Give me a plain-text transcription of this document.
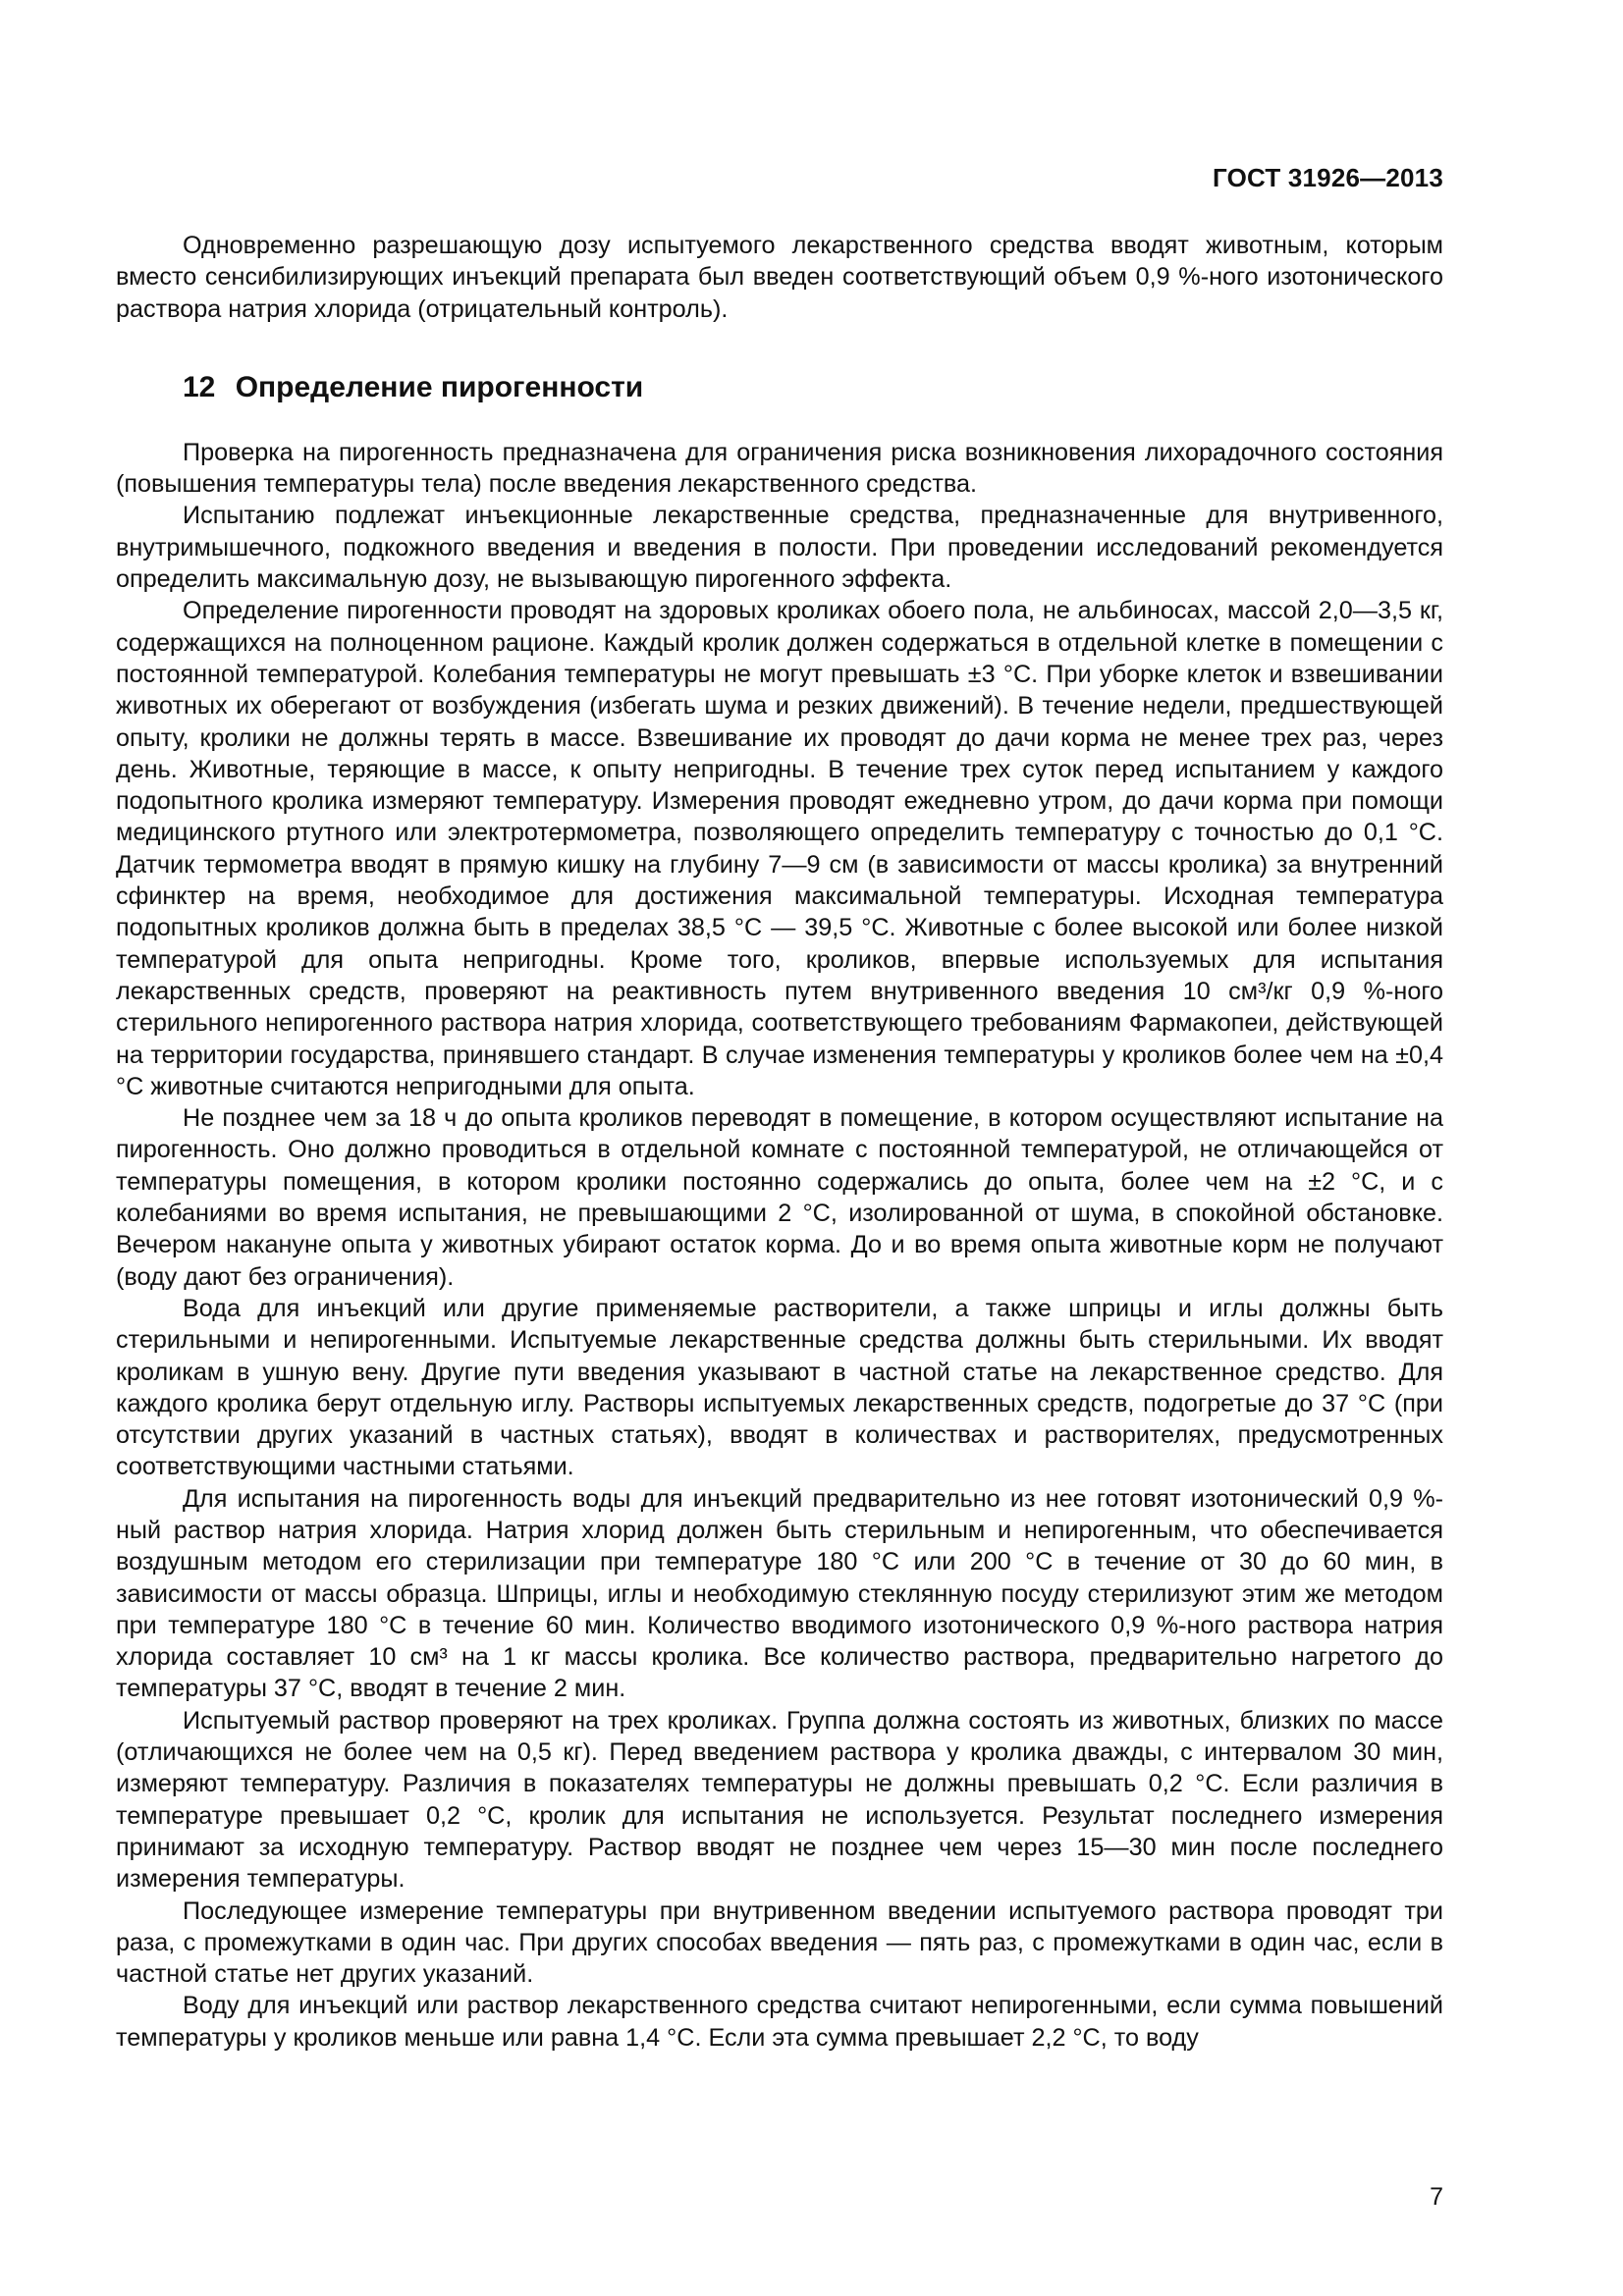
ГОСТ 31926—2013

Одновременно разрешающую дозу испытуемого лекарственного средства вводят животным, которым вместо сенсибилизирующих инъекций препарата был введен соответствующий объем 0,9 %-ного изотонического раствора натрия хлорида (отрицательный контроль).

12 Определение пирогенности

Проверка на пирогенность предназначена для ограничения риска возникновения лихорадочного состояния (повышения температуры тела) после введения лекарственного средства.

Испытанию подлежат инъекционные лекарственные средства, предназначенные для внутривенного, внутримышечного, подкожного введения и введения в полости. При проведении исследований рекомендуется определить максимальную дозу, не вызывающую пирогенного эффекта.

Определение пирогенности проводят на здоровых кроликах обоего пола, не альбиносах, массой 2,0—3,5 кг, содержащихся на полноценном рационе. Каждый кролик должен содержаться в отдельной клетке в помещении с постоянной температурой. Колебания температуры не могут превышать ±3 °С. При уборке клеток и взвешивании животных их оберегают от возбуждения (избегать шума и резких движений). В течение недели, предшествующей опыту, кролики не должны терять в массе. Взвешивание их проводят до дачи корма не менее трех раз, через день. Животные, теряющие в массе, к опыту непригодны. В течение трех суток перед испытанием у каждого подопытного кролика измеряют температуру. Измерения проводят ежедневно утром, до дачи корма при помощи медицинского ртутного или электротермометра, позволяющего определить температуру с точностью до 0,1 °С. Датчик термометра вводят в прямую кишку на глубину 7—9 см (в зависимости от массы кролика) за внутренний сфинктер на время, необходимое для достижения максимальной температуры. Исходная температура подопытных кроликов должна быть в пределах 38,5 °С — 39,5 °С. Животные с более высокой или более низкой температурой для опыта непригодны. Кроме того, кроликов, впервые используемых для испытания лекарственных средств, проверяют на реактивность путем внутривенного введения 10 см³/кг 0,9 %-ного стерильного непирогенного раствора натрия хлорида, соответствующего требованиям Фармакопеи, действующей на территории государства, принявшего стандарт. В случае изменения температуры у кроликов более чем на ±0,4 °С животные считаются непригодными для опыта.

Не позднее чем за 18 ч до опыта кроликов переводят в помещение, в котором осуществляют испытание на пирогенность. Оно должно проводиться в отдельной комнате с постоянной температурой, не отличающейся от температуры помещения, в котором кролики постоянно содержались до опыта, более чем на ±2 °С, и с колебаниями во время испытания, не превышающими 2 °С, изолированной от шума, в спокойной обстановке. Вечером накануне опыта у животных убирают остаток корма. До и во время опыта животные корм не получают (воду дают без ограничения).

Вода для инъекций или другие применяемые растворители, а также шприцы и иглы должны быть стерильными и непирогенными. Испытуемые лекарственные средства должны быть стерильными. Их вводят кроликам в ушную вену. Другие пути введения указывают в частной статье на лекарственное средство. Для каждого кролика берут отдельную иглу. Растворы испытуемых лекарственных средств, подогретые до 37 °С (при отсутствии других указаний в частных статьях), вводят в количествах и растворителях, предусмотренных соответствующими частными статьями.

Для испытания на пирогенность воды для инъекций предварительно из нее готовят изотонический 0,9 %-ный раствор натрия хлорида. Натрия хлорид должен быть стерильным и непирогенным, что обеспечивается воздушным методом его стерилизации при температуре 180 °С или 200 °С в течение от 30 до 60 мин, в зависимости от массы образца. Шприцы, иглы и необходимую стеклянную посуду стерилизуют этим же методом при температуре 180 °С в течение 60 мин. Количество вводимого изотонического 0,9 %-ного раствора натрия хлорида составляет 10 см³ на 1 кг массы кролика. Все количество раствора, предварительно нагретого до температуры 37 °С, вводят в течение 2 мин.

Испытуемый раствор проверяют на трех кроликах. Группа должна состоять из животных, близких по массе (отличающихся не более чем на 0,5 кг). Перед введением раствора у кролика дважды, с интервалом 30 мин, измеряют температуру. Различия в показателях температуры не должны превышать 0,2 °С. Если различия в температуре превышает 0,2 °С, кролик для испытания не используется. Результат последнего измерения принимают за исходную температуру. Раствор вводят не позднее чем через 15—30 мин после последнего измерения температуры.

Последующее измерение температуры при внутривенном введении испытуемого раствора проводят три раза, с промежутками в один час. При других способах введения — пять раз, с промежутками в один час, если в частной статье нет других указаний.

Воду для инъекций или раствор лекарственного средства считают непирогенными, если сумма повышений температуры у кроликов меньше или равна 1,4 °С. Если эта сумма превышает 2,2 °С, то воду

7
